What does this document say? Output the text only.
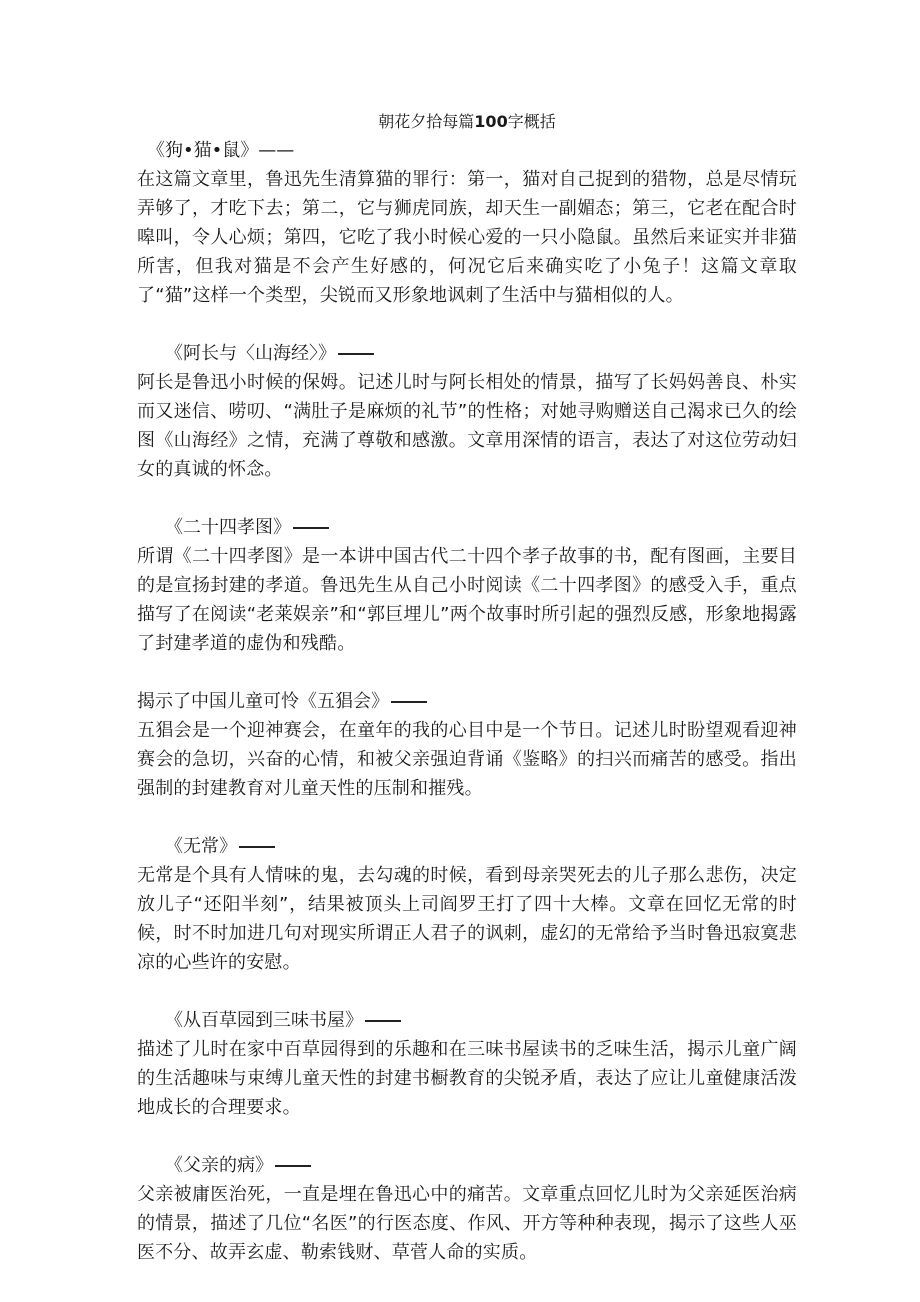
朝花夕拾每篇100字概括
《狗•猫•鼠》——

在这篇文章里，鲁迅先生清算猫的罪行：第一，猫对自己捉到的猎物，总是尽情玩弄够了，才吃下去；第二，它与狮虎同族，却天生一副媚态；第三，它老在配合时嗥叫，令人心烦；第四，它吃了我小时候心爱的一只小隐鼠。虽然后来证实并非猫所害，但我对猫是不会产生好感的，何况它后来确实吃了小兔子！这篇文章取了“猫”这样一个类型，尖锐而又形象地讽刺了生活中与猫相似的人。

《阿长与〈山海经〉》

阿长是鲁迅小时候的保姆。记述儿时与阿长相处的情景，描写了长妈妈善良、朴实而又迷信、唠叨、“满肚子是麻烦的礼节”的性格；对她寻购赠送自己渴求已久的绘图《山海经》之情，充满了尊敬和感激。文章用深情的语言，表达了对这位劳动妇女的真诚的怀念。

《二十四孝图》

所谓《二十四孝图》是一本讲中国古代二十四个孝子故事的书，配有图画，主要目的是宣扬封建的孝道。鲁迅先生从自己小时阅读《二十四孝图》的感受入手，重点描写了在阅读“老莱娱亲”和“郭巨埋儿”两个故事时所引起的强烈反感，形象地揭露了封建孝道的虚伪和残酷。

揭示了中国儿童可怜《五猖会》

五猖会是一个迎神赛会，在童年的我的心目中是一个节日。记述儿时盼望观看迎神赛会的急切，兴奋的心情，和被父亲强迫背诵《鉴略》的扫兴而痛苦的感受。指出强制的封建教育对儿童天性的压制和摧残。

《无常》

无常是个具有人情味的鬼，去勾魂的时候，看到母亲哭死去的儿子那么悲伤，决定放儿子“还阳半刻”，结果被顶头上司阎罗王打了四十大棒。文章在回忆无常的时候，时不时加进几句对现实所谓正人君子的讽刺，虚幻的无常给予当时鲁迅寂寞悲凉的心些许的安慰。

《从百草园到三味书屋》

描述了儿时在家中百草园得到的乐趣和在三味书屋读书的乏味生活，揭示儿童广阔的生活趣味与束缚儿童天性的封建书橱教育的尖锐矛盾，表达了应让儿童健康活泼地成长的合理要求。

《父亲的病》

父亲被庸医治死，一直是埋在鲁迅心中的痛苦。文章重点回忆儿时为父亲延医治病的情景，描述了几位“名医”的行医态度、作风、开方等种种表现，揭示了这些人巫医不分、故弄玄虚、勒索钱财、草菅人命的实质。
